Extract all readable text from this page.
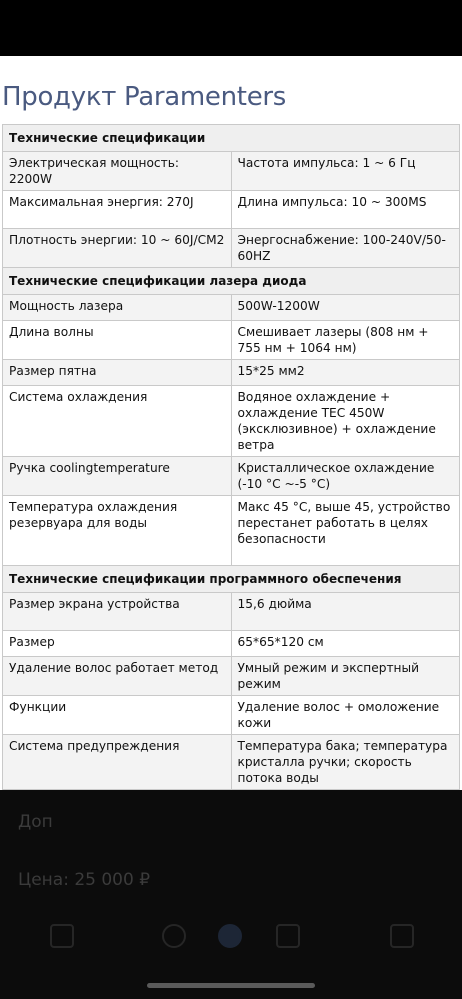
Продукт Paramenters
Технические спецификации	
Электрическая мощность: 2200W	Частота импульса: 1 ~ 6 Гц
Максимальная энергия: 270J	Длина импульса: 10 ~ 300MS
Плотность энергии: 10 ~ 60J/CM2	Энергоснабжение: 100-240V/50-60HZ
Технические спецификации лазера диода	
Мощность лазера	500W-1200W
Длина волны	Смешивает лазеры (808 нм + 755 нм + 1064 нм)
Размер пятна	15*25 мм2
Система охлаждения	Водяное охлаждение + охлаждение TEC 450W (эксклюзивное) + охлаждение ветра
Ручка coolingtemperature	Кристаллическое охлаждение (-10 °C ~-5 °C)
Температура охлаждения резервуара для воды	Макс 45 °C, выше 45, устройство перестанет работать в целях безопасности
Технические спецификации программного обеспечения	
Размер экрана устройства	15,6 дюйма
Размер	65*65*120 см
Удаление волос работает метод	Умный режим и экспертный режим
Функции	Удаление волос + омоложение кожи
Система предупреждения	Температура бака; температура кристалла ручки; скорость потока воды

Доп
Цена: 25 000 ₽
